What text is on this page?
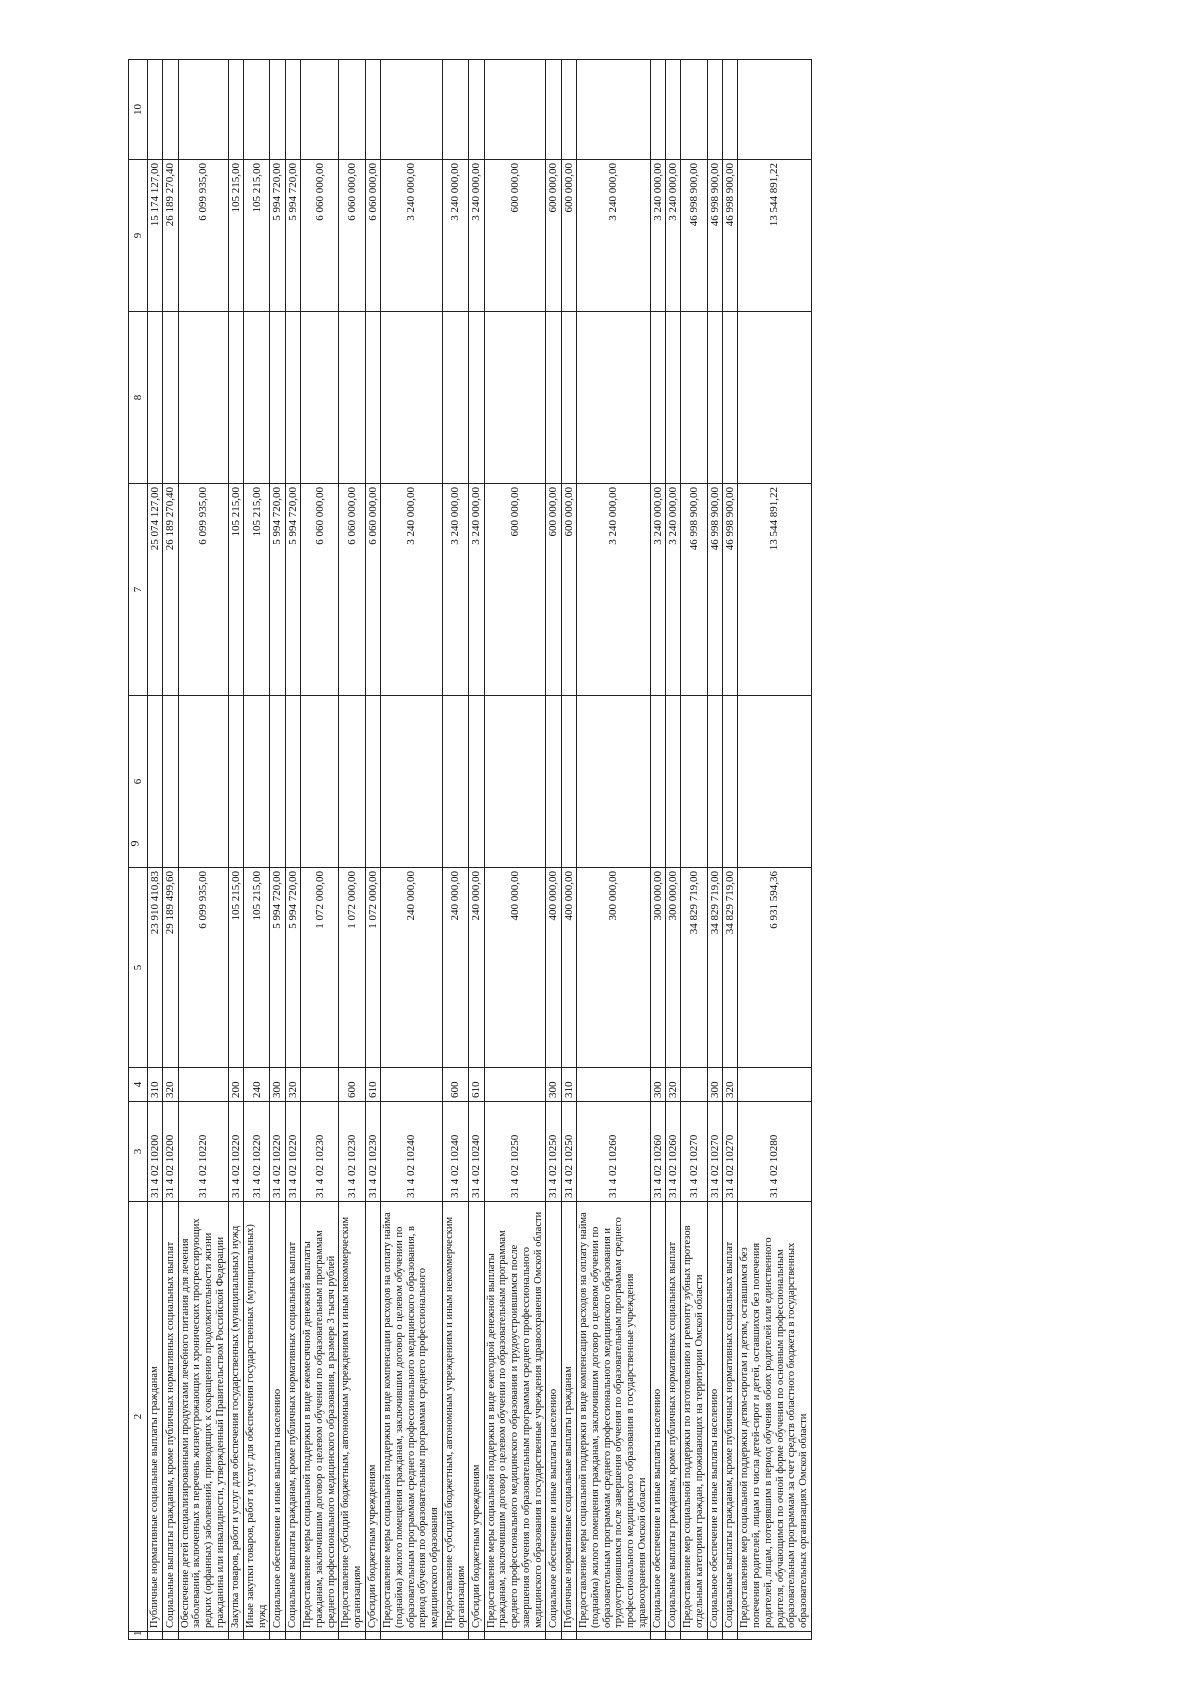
9
1	2	3	4	5	6	7	8	9	10
	Публичные нормативные социальные выплаты гражданам	31 4 02 10200	310	23 910 410,83		25 074 127,00		15 174 127,00	
	Социальные выплаты гражданам, кроме публичных нормативных социальных выплат	31 4 02 10200	320	29 189 499,60		26 189 270,40		26 189 270,40	
	Обеспечение детей специализированными продуктами лечебного питания для лечения заболеваний, включенных в перечень жизнеугрожающих и хронических прогрессирующих редких (орфанных) заболеваний, приводящих к сокращению продолжительности жизни гражданина или инвалидности, утвержденный Правительством Российской Федерации	31 4 02 10220		6 099 935,00		6 099 935,00		6 099 935,00	
	Закупка товаров, работ и услуг для обеспечения государственных (муниципальных) нужд	31 4 02 10220	200	105 215,00		105 215,00		105 215,00	
	Иные закупки товаров, работ и услуг для обеспечения государственных (муниципальных) нужд	31 4 02 10220	240	105 215,00		105 215,00		105 215,00	
	Социальное обеспечение и иные выплаты населению	31 4 02 10220	300	5 994 720,00		5 994 720,00		5 994 720,00	
	Социальные выплаты гражданам, кроме публичных нормативных социальных выплат	31 4 02 10220	320	5 994 720,00		5 994 720,00		5 994 720,00	
	Предоставление меры социальной поддержки в виде ежемесячной денежной выплаты гражданам, заключившим договор о целевом обучении по образовательным программам среднего профессионального медицинского образования, в размере 3 тысяч рублей	31 4 02 10230		1 072 000,00		6 060 000,00		6 060 000,00	
	Предоставление субсидий бюджетным, автономным учреждениям и иным некоммерческим организациям	31 4 02 10230	600	1 072 000,00		6 060 000,00		6 060 000,00	
	Субсидии бюджетным учреждениям	31 4 02 10230	610	1 072 000,00		6 060 000,00		6 060 000,00	
	Предоставление меры социальной поддержки в виде компенсации расходов на оплату найма (поднайма) жилого помещения гражданам, заключившим договор о целевом обучении по образовательным программам среднего профессионального медицинского образования, в период обучения по образовательным программам среднего профессионального медицинского образования	31 4 02 10240		240 000,00		3 240 000,00		3 240 000,00	
	Предоставление субсидий бюджетным, автономным учреждениям и иным некоммерческим организациям	31 4 02 10240	600	240 000,00		3 240 000,00		3 240 000,00	
	Субсидии бюджетным учреждениям	31 4 02 10240	610	240 000,00		3 240 000,00		3 240 000,00	
	Предоставление меры социальной поддержки в виде ежегодной денежной выплаты гражданам, заключившим договор о целевом обучении по образовательным программам среднего профессионального медицинского образования и трудоустроившимся после завершения обучения по образовательным программам среднего профессионального медицинского образования в государственные учреждения здравоохранения Омской области	31 4 02 10250		400 000,00		600 000,00		600 000,00	
	Социальное обеспечение и иные выплаты населению	31 4 02 10250	300	400 000,00		600 000,00		600 000,00	
	Публичные нормативные социальные выплаты гражданам	31 4 02 10250	310	400 000,00		600 000,00		600 000,00	
	Предоставление меры социальной поддержки в виде компенсации расходов на оплату найма (поднайма) жилого помещения гражданам, заключившим договор о целевом обучении по образовательным программам среднего профессионального медицинского образования и трудоустроившимся после завершения обучения по образовательным программам среднего профессионального медицинского образования в государственные учреждения здравоохранения Омской области	31 4 02 10260		300 000,00		3 240 000,00		3 240 000,00	
	Социальное обеспечение и иные выплаты населению	31 4 02 10260	300	300 000,00		3 240 000,00		3 240 000,00	
	Социальные выплаты гражданам, кроме публичных нормативных социальных выплат	31 4 02 10260	320	300 000,00		3 240 000,00		3 240 000,00	
	Предоставление мер социальной поддержки по изготовлению и ремонту зубных протезов отдельным категориям граждан, проживающих на территории Омской области	31 4 02 10270		34 829 719,00		46 998 900,00		46 998 900,00	
	Социальное обеспечение и иные выплаты населению	31 4 02 10270	300	34 829 719,00		46 998 900,00		46 998 900,00	
	Социальные выплаты гражданам, кроме публичных нормативных социальных выплат	31 4 02 10270	320	34 829 719,00		46 998 900,00		46 998 900,00	
	Предоставление мер социальной поддержки детям-сиротам и детям, оставшимся без попечения родителей, лицам из числа детей-сирот и детей, оставшихся без попечения родителей, лицам, потерявшим в период обучения обоих родителей или единственного родителя, обучающимся по очной форме обучения по основным профессиональным образовательным программам за счет средств областного бюджета в государственных образовательных организациях Омской области	31 4 02 10280		6 931 594,36		13 544 891,22		13 544 891,22	
